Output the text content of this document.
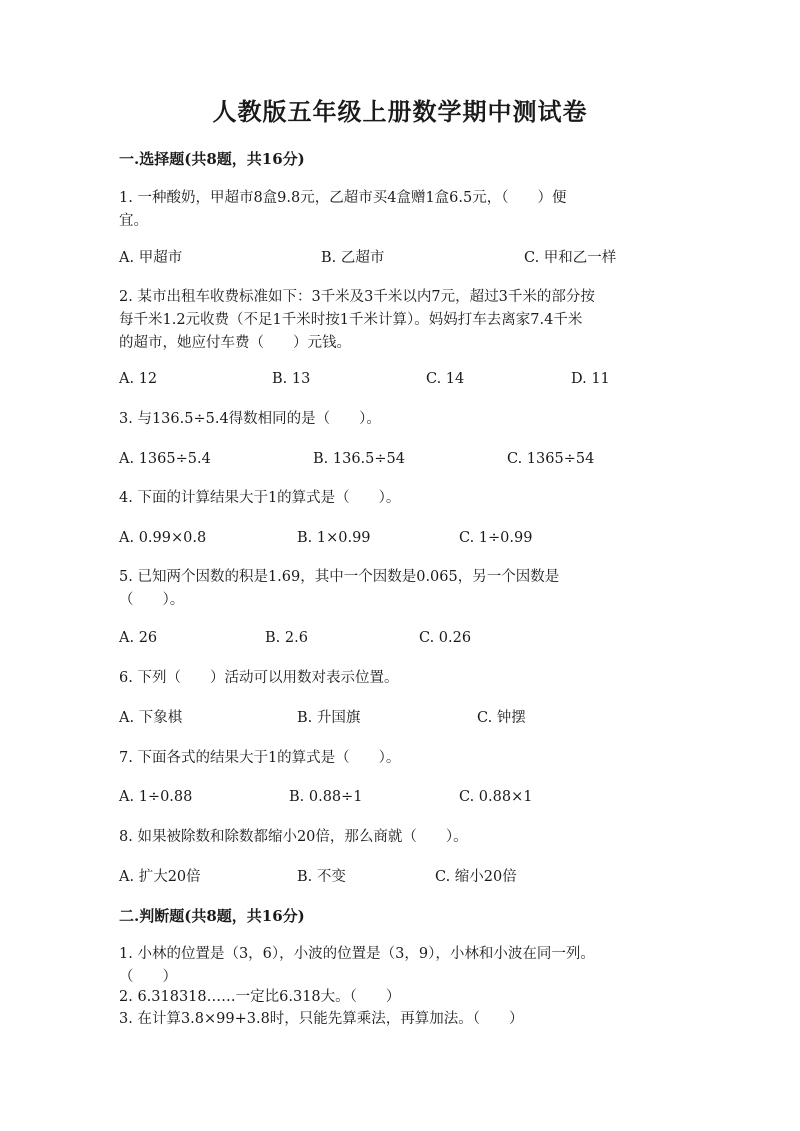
人教版五年级上册数学期中测试卷
一.选择题(共8题，共16分)
1. 一种酸奶，甲超市8盒9.8元，乙超市买4盒赠1盒6.5元，（　　）便
宜。
A. 甲超市	B. 乙超市	C. 甲和乙一样
2. 某市出租车收费标准如下：3千米及3千米以内7元，超过3千米的部分按
每千米1.2元收费（不足1千米时按1千米计算）。妈妈打车去离家7.4千米
的超市，她应付车费（　　）元钱。
A. 12	B. 13	C. 14	D. 11
3. 与136.5÷5.4得数相同的是（　　）。
A. 1365÷5.4	B. 136.5÷54	C. 1365÷54
4. 下面的计算结果大于1的算式是（　　）。
A. 0.99×0.8	B. 1×0.99	C. 1÷0.99
5. 已知两个因数的积是1.69，其中一个因数是0.065，另一个因数是
（　　）。
A. 26	B. 2.6	C. 0.26
6. 下列（　　）活动可以用数对表示位置。
A. 下象棋	B. 升国旗	C. 钟摆
7. 下面各式的结果大于1的算式是（　　）。
A. 1÷0.88	B. 0.88÷1	C. 0.88×1
8. 如果被除数和除数都缩小20倍，那么商就（　　）。
A. 扩大20倍	B. 不变	C. 缩小20倍
二.判断题(共8题，共16分)
1. 小林的位置是（3，6），小波的位置是（3，9），小林和小波在同一列。
（　　）
2. 6.318318……一定比6.318大。（　　）
3. 在计算3.8×99+3.8时，只能先算乘法，再算加法。（　　）
